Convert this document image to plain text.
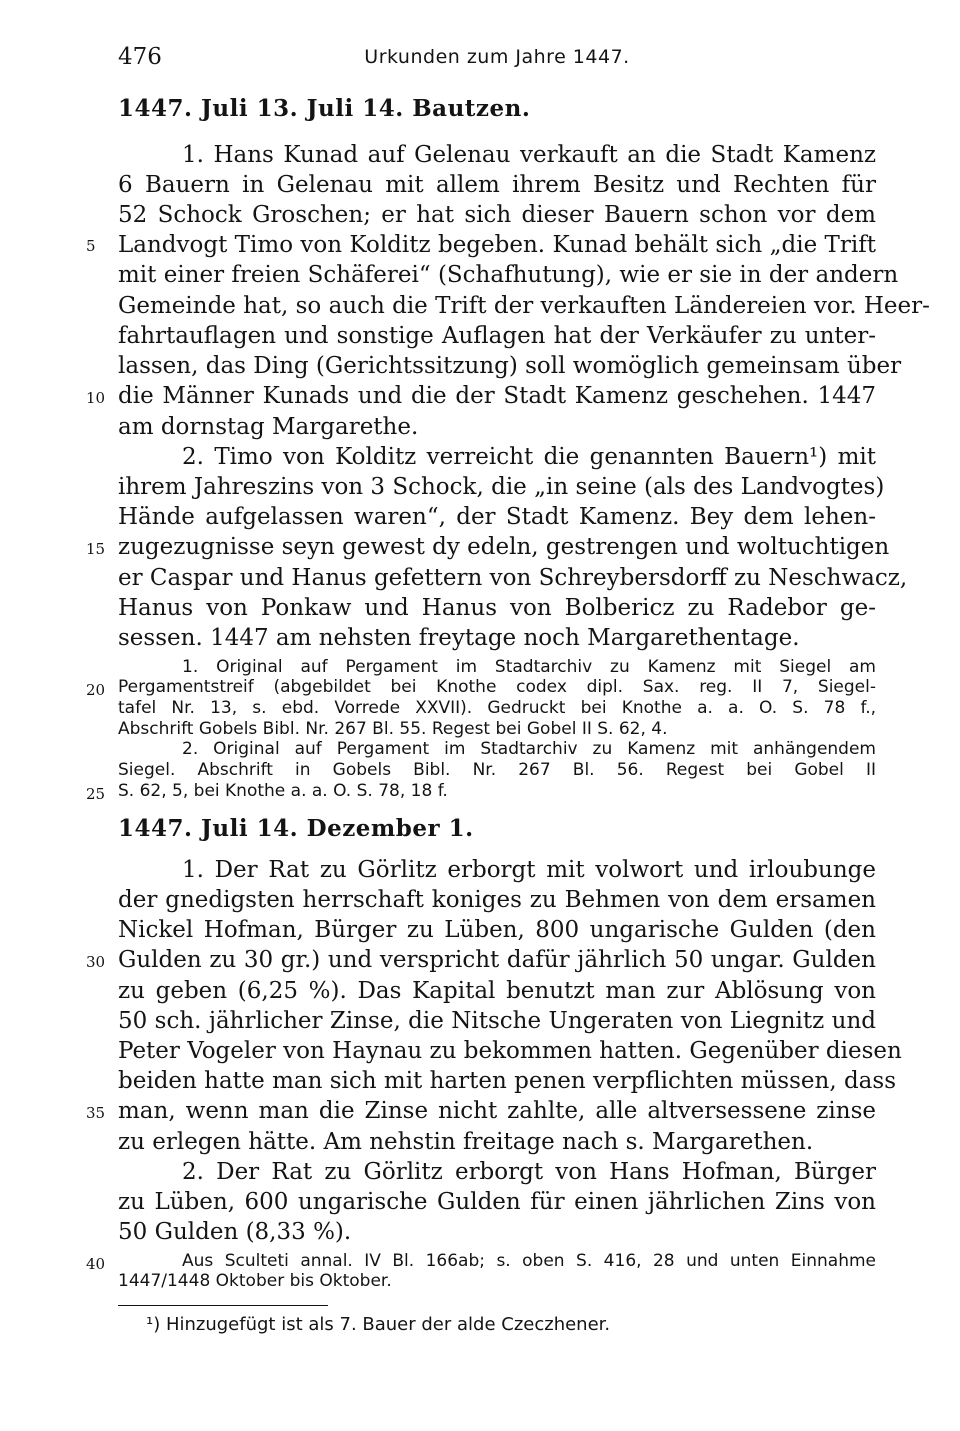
476	Urkunden zum Jahre 1447.
1447. Juli 13. Juli 14. Bautzen.
1. Hans Kunad auf Gelenau verkauft an die Stadt Kamenz
6 Bauern in Gelenau mit allem ihrem Besitz und Rechten für
52 Schock Groschen; er hat sich dieser Bauern schon vor dem
Landvogt Timo von Kolditz begeben. Kunad behält sich „die Trift
mit einer freien Schäferei“ (Schafhutung), wie er sie in der andern
Gemeinde hat, so auch die Trift der verkauften Ländereien vor. Heer-
fahrtauflagen und sonstige Auflagen hat der Verkäufer zu unter-
lassen, das Ding (Gerichtssitzung) soll womöglich gemeinsam über
die Männer Kunads und die der Stadt Kamenz geschehen. 1447
am dornstag Margarethe.
2. Timo von Kolditz verreicht die genannten Bauern¹) mit
ihrem Jahreszins von 3 Schock, die „in seine (als des Landvogtes)
Hände aufgelassen waren“, der Stadt Kamenz. Bey dem lehen-
zugezugnisse seyn gewest dy edeln, gestrengen und woltuchtigen
er Caspar und Hanus gefettern von Schreybersdorff zu Neschwacz,
Hanus von Ponkaw und Hanus von Bolbericz zu Radebor ge-
sessen. 1447 am nehsten freytage noch Margarethentage.
1. Original auf Pergament im Stadtarchiv zu Kamenz mit Siegel am
Pergamentstreif (abgebildet bei Knothe codex dipl. Sax. reg. II 7, Siegel-
tafel Nr. 13, s. ebd. Vorrede XXVII). Gedruckt bei Knothe a. a. O. S. 78 f.,
Abschrift Gobels Bibl. Nr. 267 Bl. 55. Regest bei Gobel II S. 62, 4.
2. Original auf Pergament im Stadtarchiv zu Kamenz mit anhängendem
Siegel. Abschrift in Gobels Bibl. Nr. 267 Bl. 56. Regest bei Gobel II
S. 62, 5, bei Knothe a. a. O. S. 78, 18 f.
1447. Juli 14. Dezember 1.
1. Der Rat zu Görlitz erborgt mit volwort und irloubunge
der gnedigsten herrschaft koniges zu Behmen von dem ersamen
Nickel Hofman, Bürger zu Lüben, 800 ungarische Gulden (den
Gulden zu 30 gr.) und verspricht dafür jährlich 50 ungar. Gulden
zu geben (6,25 %). Das Kapital benutzt man zur Ablösung von
50 sch. jährlicher Zinse, die Nitsche Ungeraten von Liegnitz und
Peter Vogeler von Haynau zu bekommen hatten. Gegenüber diesen
beiden hatte man sich mit harten penen verpflichten müssen, dass
man, wenn man die Zinse nicht zahlte, alle altversessene zinse
zu erlegen hätte. Am nehstin freitage nach s. Margarethen.
2. Der Rat zu Görlitz erborgt von Hans Hofman, Bürger
zu Lüben, 600 ungarische Gulden für einen jährlichen Zins von
50 Gulden (8,33 %).
Aus Sculteti annal. IV Bl. 166ab; s. oben S. 416, 28 und unten Einnahme
1447/1448 Oktober bis Oktober.
5
10
15
20
25
30
35
40
¹) Hinzugefügt ist als 7. Bauer der alde Czeczhener.
